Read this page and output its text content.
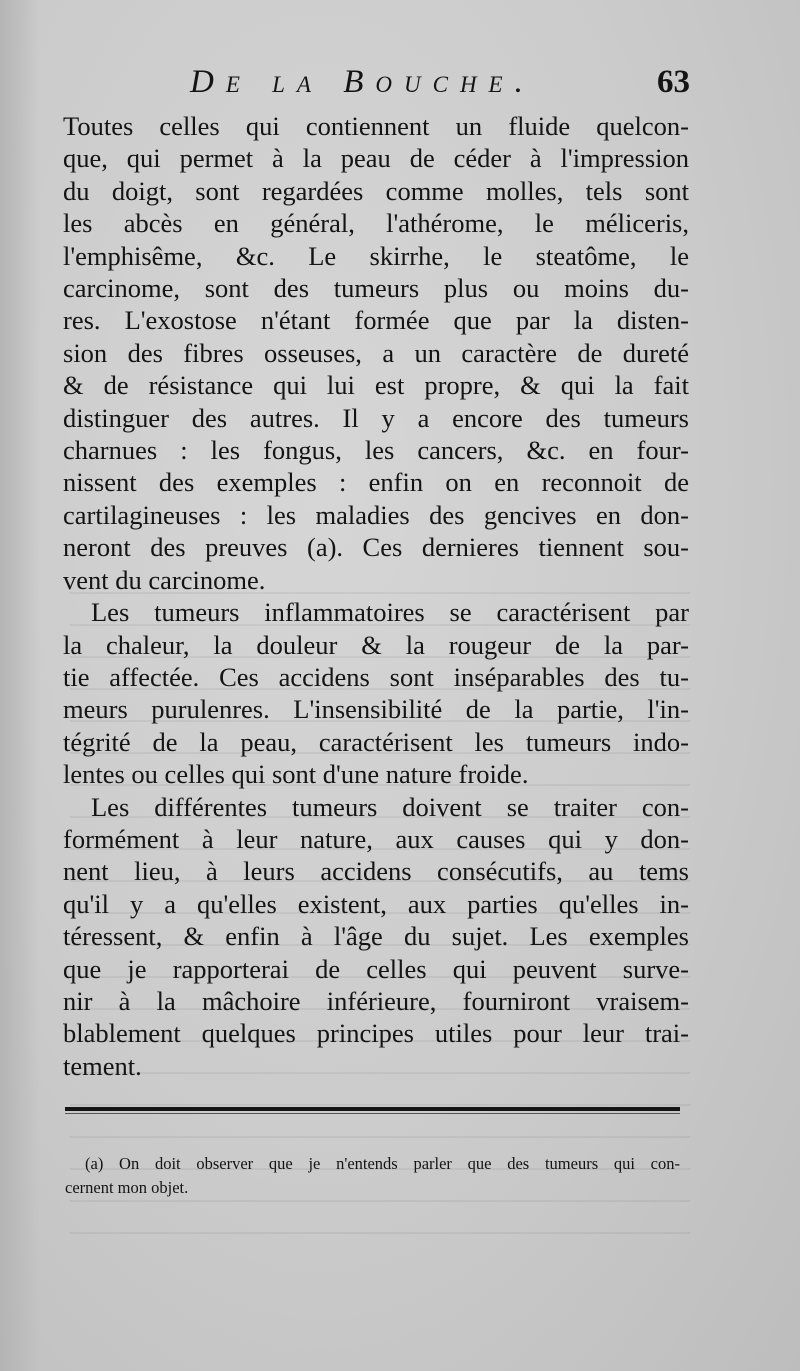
De la Bouche.	63

Toutes celles qui contiennent un fluide quelcon-
que, qui permet à la peau de céder à l'impression
du doigt, sont regardées comme molles, tels sont
les abcès en général, l'athérome, le méliceris,
l'emphisême, &c. Le skirrhe, le steatôme, le
carcinome, sont des tumeurs plus ou moins du-
res. L'exostose n'étant formée que par la disten-
sion des fibres osseuses, a un caractère de dureté
& de résistance qui lui est propre, & qui la fait
distinguer des autres. Il y a encore des tumeurs
charnues : les fongus, les cancers, &c. en four-
nissent des exemples : enfin on en reconnoit de
cartilagineuses : les maladies des gencives en don-
neront des preuves (a). Ces dernieres tiennent sou-
vent du carcinome.

Les tumeurs inflammatoires se caractérisent par
la chaleur, la douleur & la rougeur de la par-
tie affectée. Ces accidens sont inséparables des tu-
meurs purulenres. L'insensibilité de la partie, l'in-
tégrité de la peau, caractérisent les tumeurs indo-
lentes ou celles qui sont d'une nature froide.

Les différentes tumeurs doivent se traiter con-
formément à leur nature, aux causes qui y don-
nent lieu, à leurs accidens consécutifs, au tems
qu'il y a qu'elles existent, aux parties qu'elles in-
téressent, & enfin à l'âge du sujet. Les exemples
que je rapporterai de celles qui peuvent surve-
nir à la mâchoire inférieure, fourniront vraisem-
blablement quelques principes utiles pour leur trai-
tement.

(a) On doit observer que je n'entends parler que des tumeurs qui con-
cernent mon objet.
